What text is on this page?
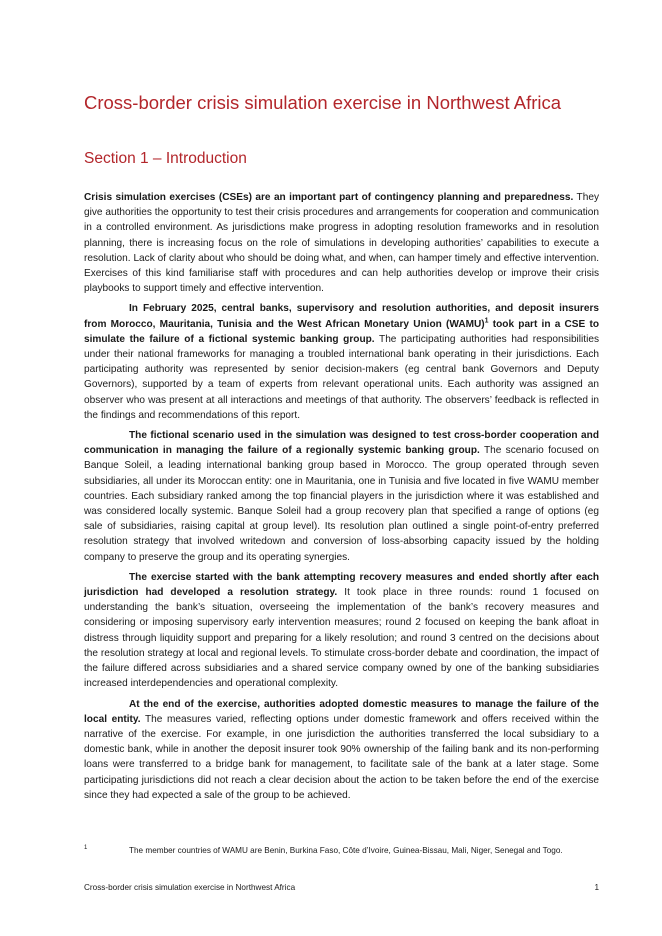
Cross-border crisis simulation exercise in Northwest Africa
Section 1 – Introduction

Crisis simulation exercises (CSEs) are an important part of contingency planning and preparedness. They give authorities the opportunity to test their crisis procedures and arrangements for cooperation and communication in a controlled environment. As jurisdictions make progress in adopting resolution frameworks and in resolution planning, there is increasing focus on the role of simulations in developing authorities’ capabilities to execute a resolution. Lack of clarity about who should be doing what, and when, can hamper timely and effective intervention. Exercises of this kind familiarise staff with procedures and can help authorities develop or improve their crisis playbooks to support timely and effective intervention.

In February 2025, central banks, supervisory and resolution authorities, and deposit insurers from Morocco, Mauritania, Tunisia and the West African Monetary Union (WAMU)$^1$ took part in a CSE to simulate the failure of a fictional systemic banking group. The participating authorities had responsibilities under their national frameworks for managing a troubled international bank operating in their jurisdictions. Each participating authority was represented by senior decision-makers (eg central bank Governors and Deputy Governors), supported by a team of experts from relevant operational units. Each authority was assigned an observer who was present at all interactions and meetings of that authority. The observers’ feedback is reflected in the findings and recommendations of this report.

The fictional scenario used in the simulation was designed to test cross-border cooperation and communication in managing the failure of a regionally systemic banking group. The scenario focused on Banque Soleil, a leading international banking group based in Morocco. The group operated through seven subsidiaries, all under its Moroccan entity: one in Mauritania, one in Tunisia and five located in five WAMU member countries. Each subsidiary ranked among the top financial players in the jurisdiction where it was established and was considered locally systemic. Banque Soleil had a group recovery plan that specified a range of options (eg sale of subsidiaries, raising capital at group level). Its resolution plan outlined a single point-of-entry preferred resolution strategy that involved writedown and conversion of loss-absorbing capacity issued by the holding company to preserve the group and its operating synergies.

The exercise started with the bank attempting recovery measures and ended shortly after each jurisdiction had developed a resolution strategy. It took place in three rounds: round 1 focused on understanding the bank’s situation, overseeing the implementation of the bank’s recovery measures and considering or imposing supervisory early intervention measures; round 2 focused on keeping the bank afloat in distress through liquidity support and preparing for a likely resolution; and round 3 centred on the decisions about the resolution strategy at local and regional levels. To stimulate cross-border debate and coordination, the impact of the failure differed across subsidiaries and a shared service company owned by one of the banking subsidiaries increased interdependencies and operational complexity.

At the end of the exercise, authorities adopted domestic measures to manage the failure of the local entity. The measures varied, reflecting options under domestic framework and offers received within the narrative of the exercise. For example, in one jurisdiction the authorities transferred the local subsidiary to a domestic bank, while in another the deposit insurer took 90% ownership of the failing bank and its non-performing loans were transferred to a bridge bank for management, to facilitate sale of the bank at a later stage. Some participating jurisdictions did not reach a clear decision about the action to be taken before the end of the exercise since they had expected a sale of the group to be achieved.

1	The member countries of WAMU are Benin, Burkina Faso, Côte d’Ivoire, Guinea-Bissau, Mali, Niger, Senegal and Togo.
Cross-border crisis simulation exercise in Northwest Africa	1
